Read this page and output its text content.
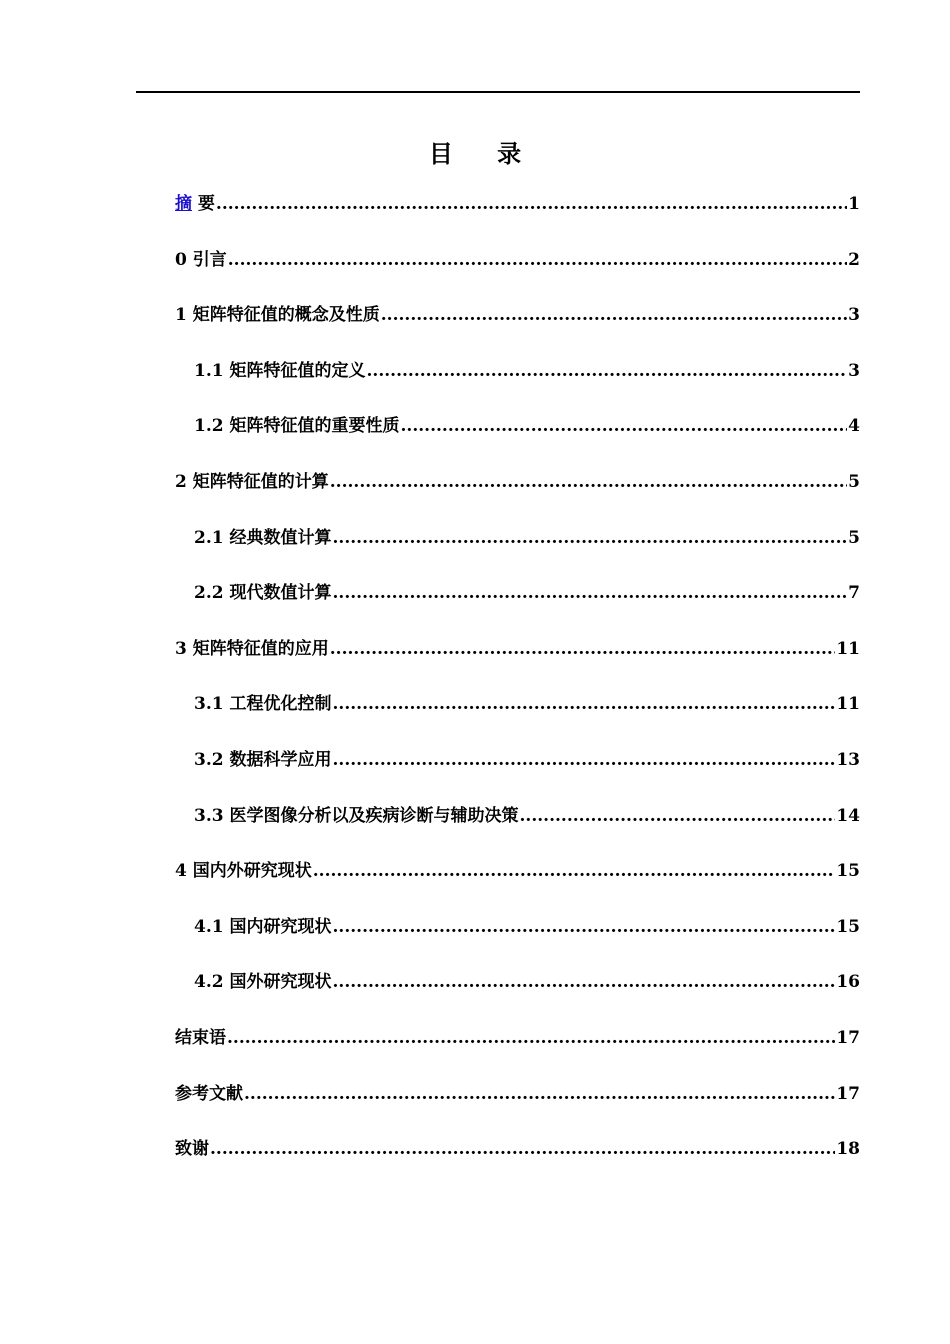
目 录
摘 要 .....	1
0 引言 .....	2
1 矩阵特征值的概念及性质 .....	3
1.1 矩阵特征值的定义 .....	3
1.2 矩阵特征值的重要性质 .....	4
2 矩阵特征值的计算 .....	5
2.1 经典数值计算 .....	5
2.2 现代数值计算 .....	7
3 矩阵特征值的应用 .....	11
3.1 工程优化控制 .....	11
3.2 数据科学应用 .....	13
3.3 医学图像分析以及疾病诊断与辅助决策 .....	14
4 国内外研究现状 .....	15
4.1 国内研究现状 .....	15
4.2 国外研究现状 .....	16
结束语 .....	17
参考文献 .....	17
致谢 .....	18
